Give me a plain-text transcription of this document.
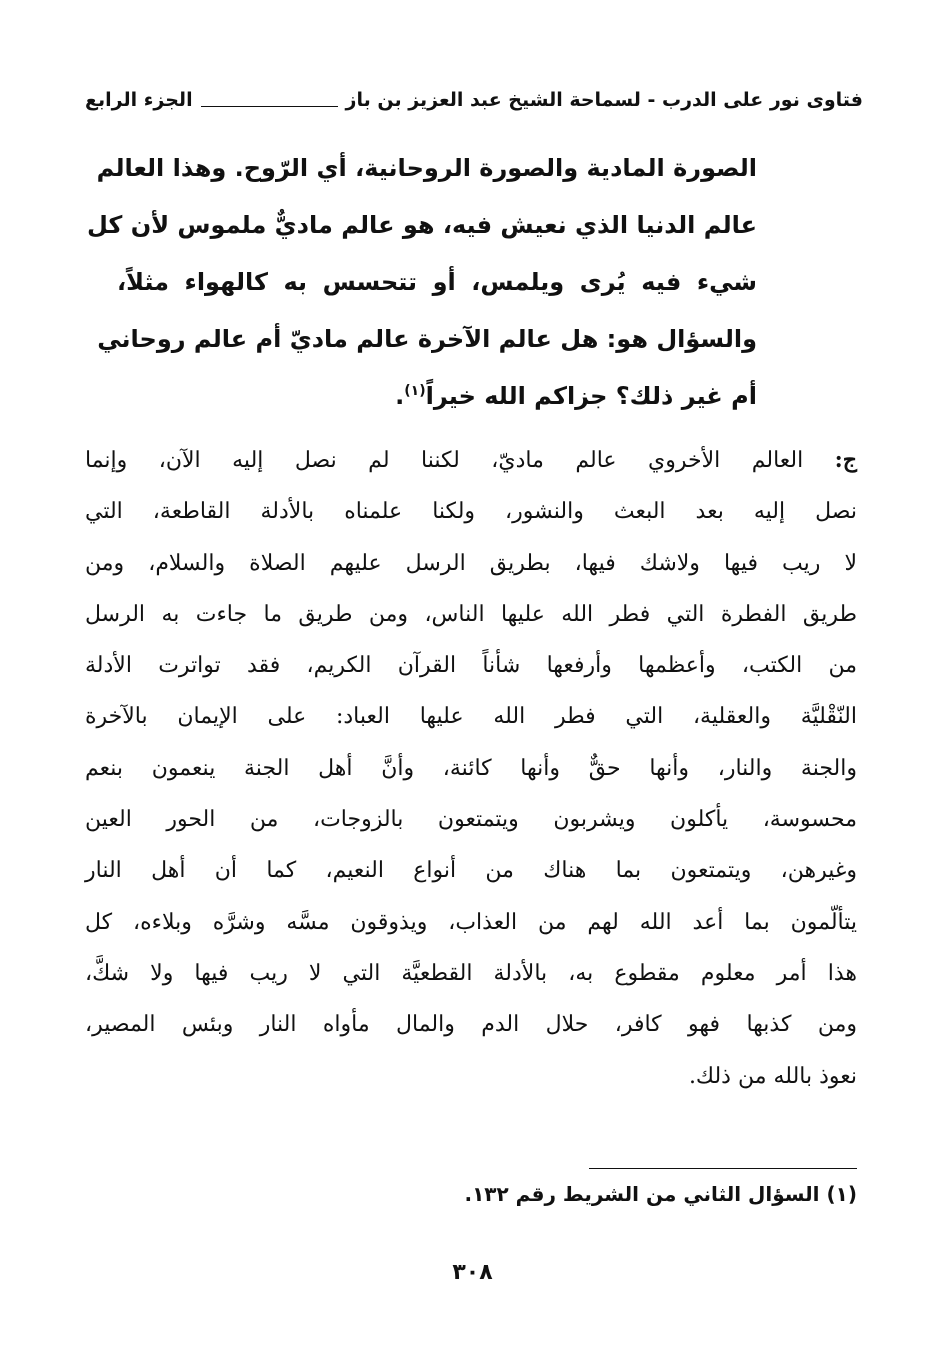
فتاوى نور على الدرب - لسماحة الشيخ عبد العزيز بن باز
الجزء الرابع
الصورة المادية والصورة الروحانية، أي الرّوح. وهذا العالم
عالم الدنيا الذي نعيش فيه، هو عالم ماديٌّ ملموس لأن كل
شيء فيه يُرى ويلمس، أو تتحسس به كالهواء مثلاً،
والسؤال هو: هل عالم الآخرة عالم ماديّ أم عالم روحاني
أم غير ذلك؟ جزاكم الله خيراً$^{(١)}$.
ج: العالم الأخروي عالم ماديّ، لكننا لم نصل إليه الآن، وإنما
نصل إليه بعد البعث والنشور، ولكنا علمناه بالأدلة القاطعة، التي
لا ريب فيها ولاشك فيها، بطريق الرسل عليهم الصلاة والسلام، ومن
طريق الفطرة التي فطر الله عليها الناس، ومن طريق ما جاءت به الرسل
من الكتب، وأعظمها وأرفعها شأناً القرآن الكريم، فقد تواترت الأدلة
النّقْليَّة والعقلية، التي فطر الله عليها العباد: على الإيمان بالآخرة
والجنة والنار، وأنها حقٌّ وأنها كائنة، وأنَّ أهل الجنة ينعمون بنعم
محسوسة، يأكلون ويشربون ويتمتعون بالزوجات، من الحور العين
وغيرهن، ويتمتعون بما هناك من أنواع النعيم، كما أن أهل النار
يتألّمون بما أعد الله لهم من العذاب، ويذوقون مسَّه وشرَّه وبلاءه، كل
هذا أمر معلوم مقطوع به، بالأدلة القطعيَّة التي لا ريب فيها ولا شكَّ،
ومن كذبها فهو كافر، حلال الدم والمال مأواه النار وبئس المصير،
نعوذ بالله من ذلك.
(١) السؤال الثاني من الشريط رقم ١٣٢.
٣٠٨
